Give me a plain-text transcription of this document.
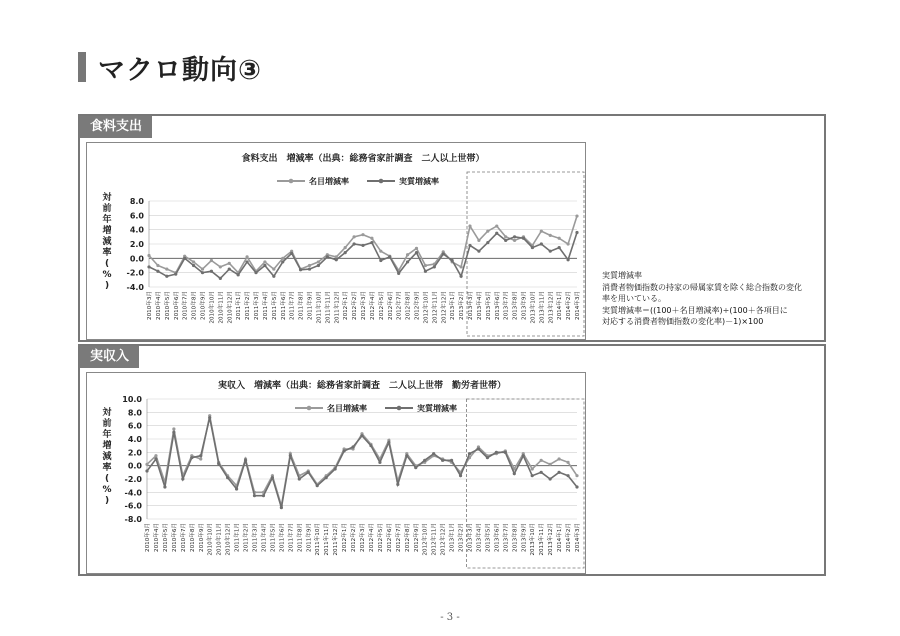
マクロ動向③
食料支出
食料支出　増減率（出典：総務省家計調査　二人以上世帯）
名目増減率	実質増減率
8.0
6.0
4.0
2.0
0.0
-2.0
-4.0
対前年増減率( % )
2010年3月 2010年4月 2010年5月 2010年6月 2010年7月 2010年8月 2010年9月 2010年10月 2010年11月 2010年12月 2011年1月 2011年2月 2011年3月 2011年4月 2011年5月 2011年6月 2011年7月 2011年8月 2011年9月 2011年10月 2011年11月 2011年12月 2012年1月 2012年2月 2012年3月 2012年4月 2012年5月 2012年6月 2012年7月 2012年8月 2012年9月 2012年10月 2012年11月 2012年12月 2013年1月 2013年2月 2013年3月 2013年4月 2013年5月 2013年6月 2013年7月 2013年8月 2013年9月 2013年10月 2013年11月 2013年12月 2014年1月 2014年2月 2014年3月
実質増減率
消費者物価指数の持家の帰属家賃を除く総合指数の変化
率を用いている。
実質増減率＝((100＋名目増減率)÷(100＋各項目に
対応する消費者物価指数の変化率)－1)×100
実収入
実収入　増減率（出典：総務省家計調査　二人以上世帯　勤労者世帯）
名目増減率	実質増減率
10.0
8.0
6.0
4.0
2.0
0.0
-2.0
-4.0
-6.0
-8.0
対前年増減率( % )
2010年3月 2010年4月 2010年5月 2010年6月 2010年7月 2010年8月 2010年9月 2010年10月 2010年11月 2010年12月 2011年1月 2011年2月 2011年3月 2011年4月 2011年5月 2011年6月 2011年7月 2011年8月 2011年9月 2011年10月 2011年11月 2011年12月 2012年1月 2012年2月 2012年3月 2012年4月 2012年5月 2012年6月 2012年7月 2012年8月 2012年9月 2012年10月 2012年11月 2012年12月 2013年1月 2013年2月 2013年3月 2013年4月 2013年5月 2013年6月 2013年7月 2013年8月 2013年9月 2013年10月 2013年11月 2013年12月 2014年1月 2014年2月 2014年3月
- 3 -
